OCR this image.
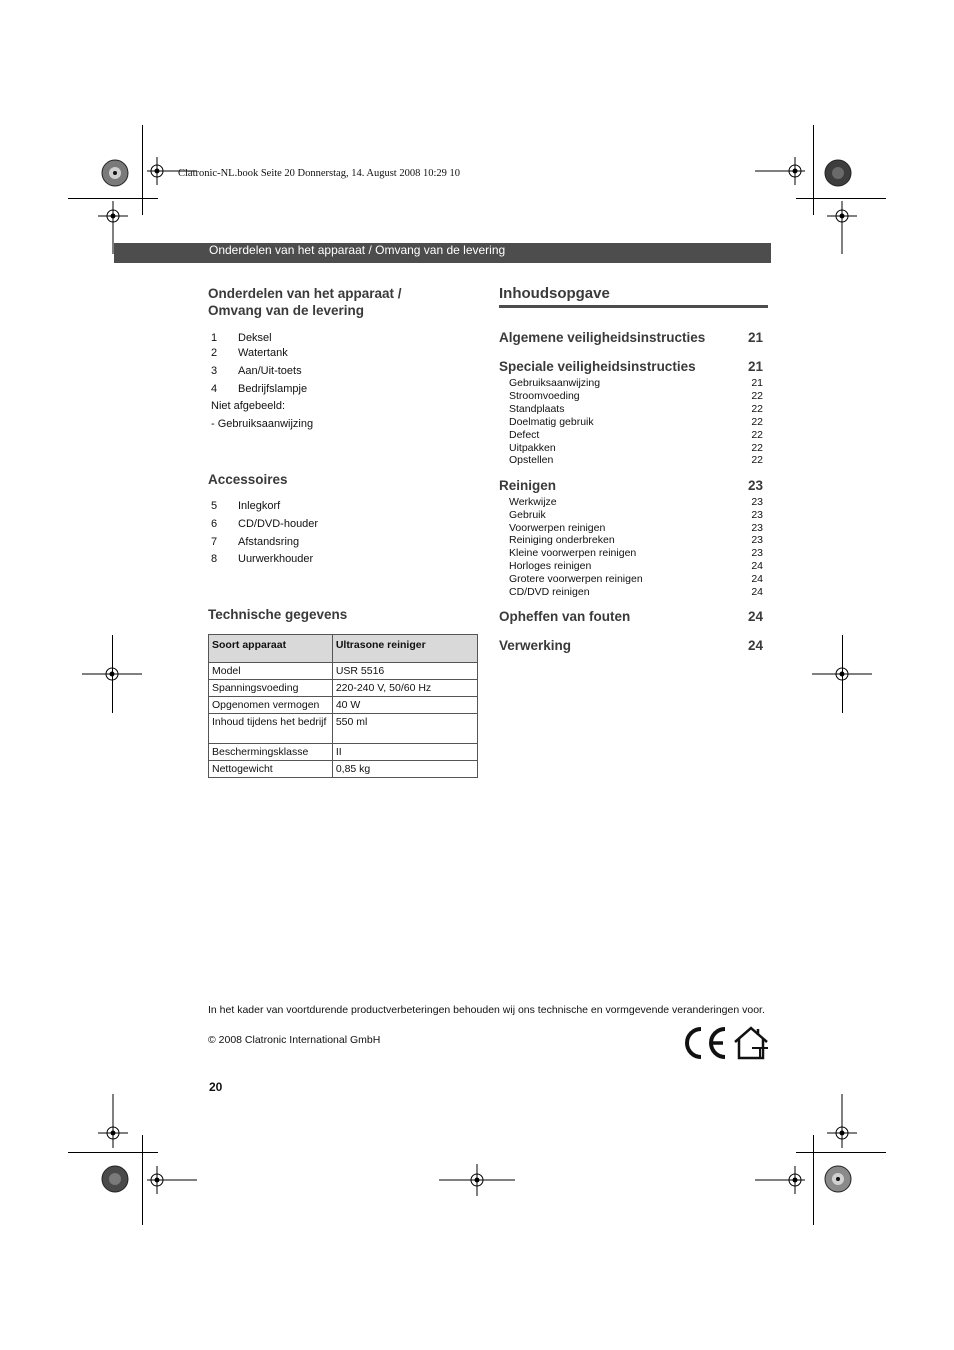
Clatronic-NL.book Seite 20 Donnerstag, 14. August 2008 10:29 10
Onderdelen van het apparaat / Omvang van de levering
Onderdelen van het apparaat /
Omvang van de levering
1 Deksel
2 Watertank
3 Aan/Uit-toets
4 Bedrijfslampje
Niet afgebeeld:
- Gebruiksaanwijzing
Accessoires
5 Inlegkorf
6 CD/DVD-houder
7 Afstandsring
8 Uurwerkhouder
Technische gegevens
Soort apparaat	Ultrasone reiniger
Model	USR 5516
Spanningsvoeding	220-240 V, 50/60 Hz
Opgenomen vermogen	40 W
Inhoud tijdens het bedrijf	550 ml
Beschermingsklasse	II
Nettogewicht	0,85 kg
Inhoudsopgave
Algemene veiligheidsinstructies	21
Speciale veiligheidsinstructies	21
Gebruiksaanwijzing	21
Stroomvoeding	22
Standplaats	22
Doelmatig gebruik	22
Defect	22
Uitpakken	22
Opstellen	22
Reinigen	23
Werkwijze	23
Gebruik	23
Voorwerpen reinigen	23
Reiniging onderbreken	23
Kleine voorwerpen reinigen	23
Horloges reinigen	24
Grotere voorwerpen reinigen	24
CD/DVD reinigen	24
Opheffen van fouten	24
Verwerking	24
In het kader van voortdurende productverbeteringen behouden wij ons technische en vormgevende veranderingen voor.
© 2008 Clatronic International GmbH
20
